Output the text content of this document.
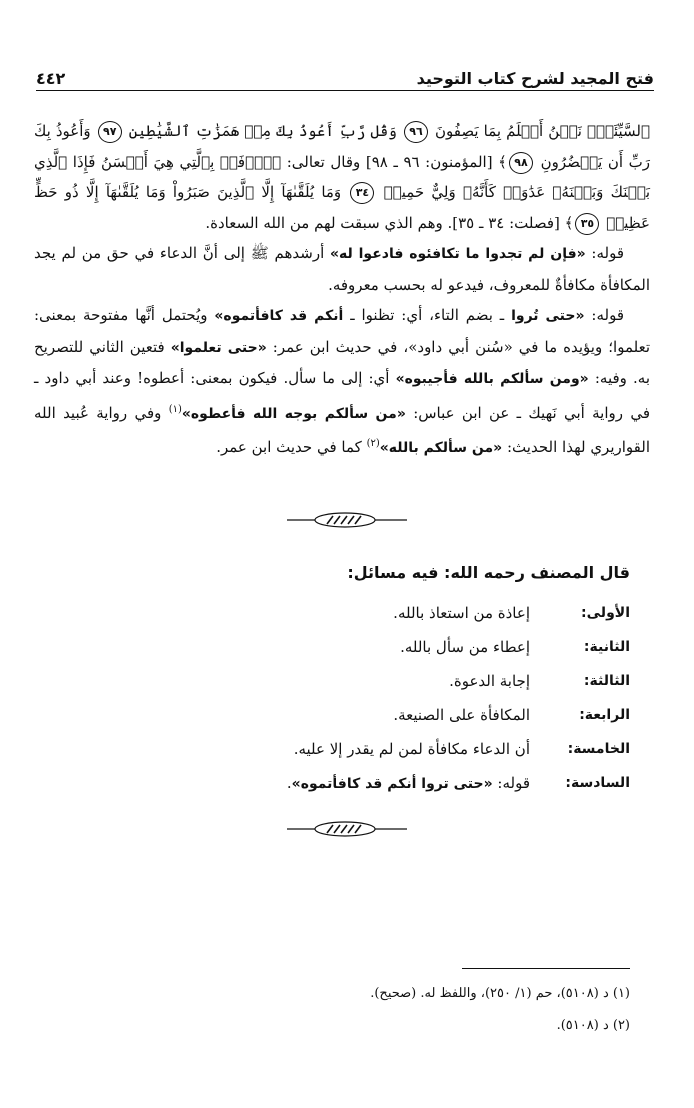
فتح المجيد لشرح كتاب التوحيد
٤٤٢

ٱلسَّيِّئَةَۚ نَحۡنُ أَعۡلَمُ بِمَا يَصِفُونَ ٩٦ وَقُل رَّبِّ أَعُوذُ بِكَ مِنۡ هَمَزَٰتِ ٱلشَّيَٰطِينِ ٩٧ وَأَعُوذُ بِكَ رَبِّ أَن يَحۡضُرُونِ ٩٨﴾ [المؤمنون: ٩٦ ـ ٩٨] وقال تعالى: ﴿ٱدۡفَعۡ بِٱلَّتِي هِيَ أَحۡسَنُ فَإِذَا ٱلَّذِي بَيۡنَكَ وَبَيۡنَهُۥ عَدَٰوَةٞ كَأَنَّهُۥ وَلِيٌّ حَمِيمٞ ٣٤ وَمَا يُلَقَّىٰهَآ إِلَّا ٱلَّذِينَ صَبَرُواْ وَمَا يُلَقَّىٰهَآ إِلَّا ذُو حَظٍّ عَظِيمٖ ٣٥﴾ [فصلت: ٣٤ ـ ٣٥]. وهم الذي سبقت لهم من الله السعادة.

قوله: «فإن لم تجدوا ما تكافئوه فادعوا له» أرشدهم ﷺ إلى أنَّ الدعاء في حق من لم يجد المكافأة مكافأةٌ للمعروف، فيدعو له بحسب معروفه.

قوله: «حتى تُروا ـ بضم التاء، أي: تظنوا ـ أنكم قد كافأتموه» ويُحتمل أنَّها مفتوحة بمعنى: تعلموا؛ ويؤيده ما في «سُنن أبي داود»، في حديث ابن عمر: «حتى تعلموا» فتعين الثاني للتصريح به. وفيه: «ومن سألكم بالله فأجيبوه» أي: إلى ما سأل. فيكون بمعنى: أعطوه! وعند أبي داود ـ في رواية أبي نَهيك ـ عن ابن عباس: «من سألكم بوجه الله فأعطوه»$^{(١)}$ وفي رواية عُبيد الله القواريري لهذا الحديث: «من سألكم بالله»$^{(٢)}$ كما في حديث ابن عمر.

قال المصنف رحمه الله: فيه مسائل:
الأولى:
إعاذة من استعاذ بالله.
الثانية:
إعطاء من سأل بالله.
الثالثة:
إجابة الدعوة.
الرابعة:
المكافأة على الصنيعة.
الخامسة:
أن الدعاء مكافأة لمن لم يقدر إلا عليه.
السادسة:
قوله: «حتى تروا أنكم قد كافأتموه».
(١) د (٥١٠٨)، حم (١/ ٢٥٠)، واللفظ له. (صحيح).
(٢) د (٥١٠٨).
